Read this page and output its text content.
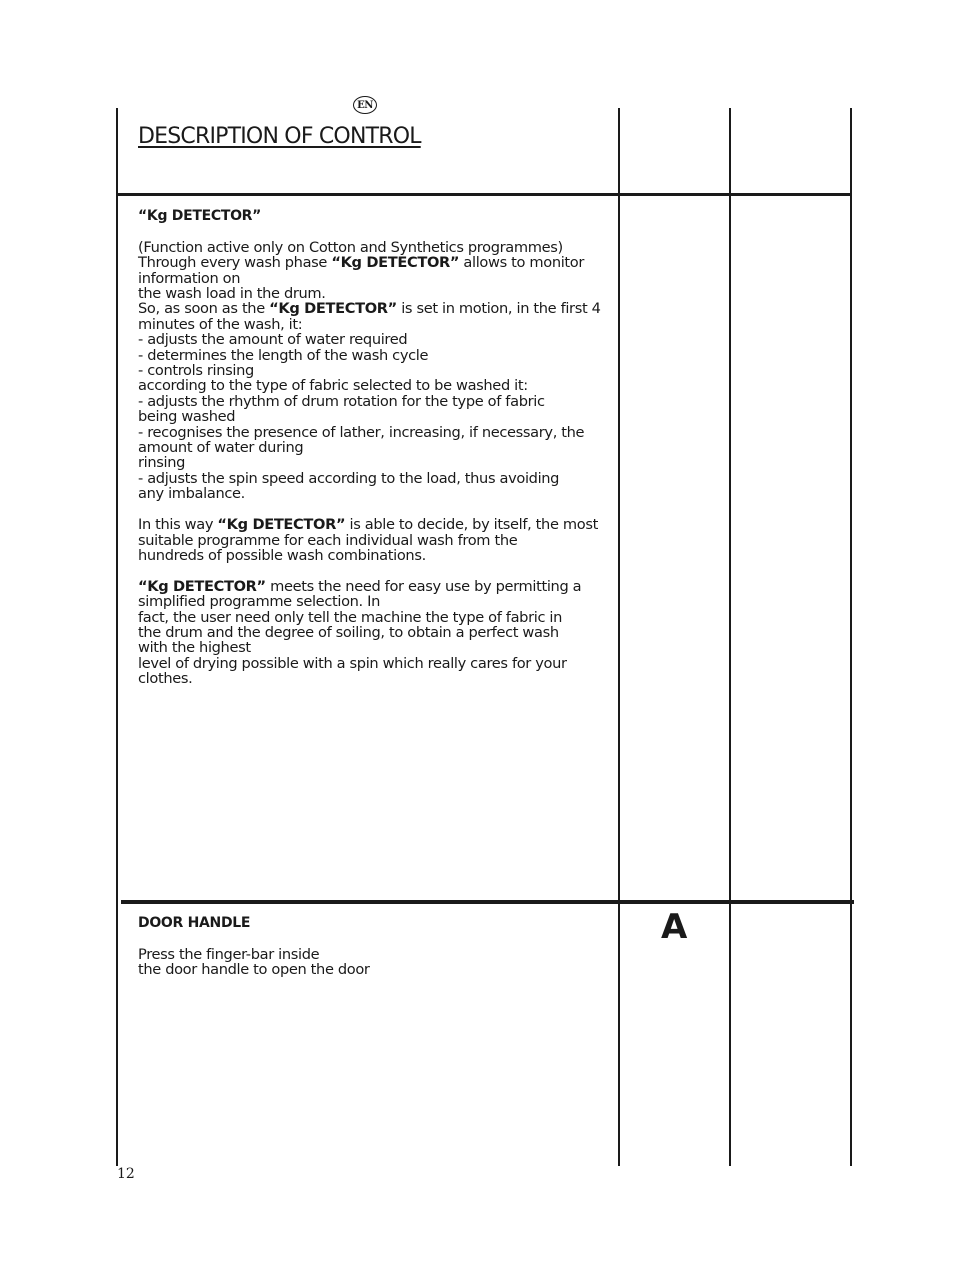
EN
DESCRIPTION OF CONTROL

“Kg DETECTOR”

(Function active only on Cotton and Synthetics programmes)

Through every wash phase “Kg DETECTOR” allows to monitor

information on

the wash load in the drum.

So, as soon as the “Kg DETECTOR” is set in motion, in the first 4

minutes of the wash, it:

- adjusts the amount of water required

- determines the length of the wash cycle

- controls rinsing

according to the type of fabric selected to be washed it:

- adjusts the rhythm of drum rotation for the type of fabric

being washed

- recognises the presence of lather, increasing, if necessary, the

amount of water during

rinsing

- adjusts the spin speed according to the load, thus avoiding

any imbalance.

In this way “Kg DETECTOR” is able to decide, by itself, the most

suitable programme for each individual wash from the

hundreds of possible wash combinations.

“Kg DETECTOR” meets the need for easy use by permitting a

simplified programme selection. In

fact, the user need only tell the machine the type of fabric in

the drum and the degree of soiling, to obtain a perfect wash

with the highest

level of drying possible with a spin which really cares for your

clothes.

DOOR HANDLE

Press the finger-bar inside

the door handle to open the door

A
12
